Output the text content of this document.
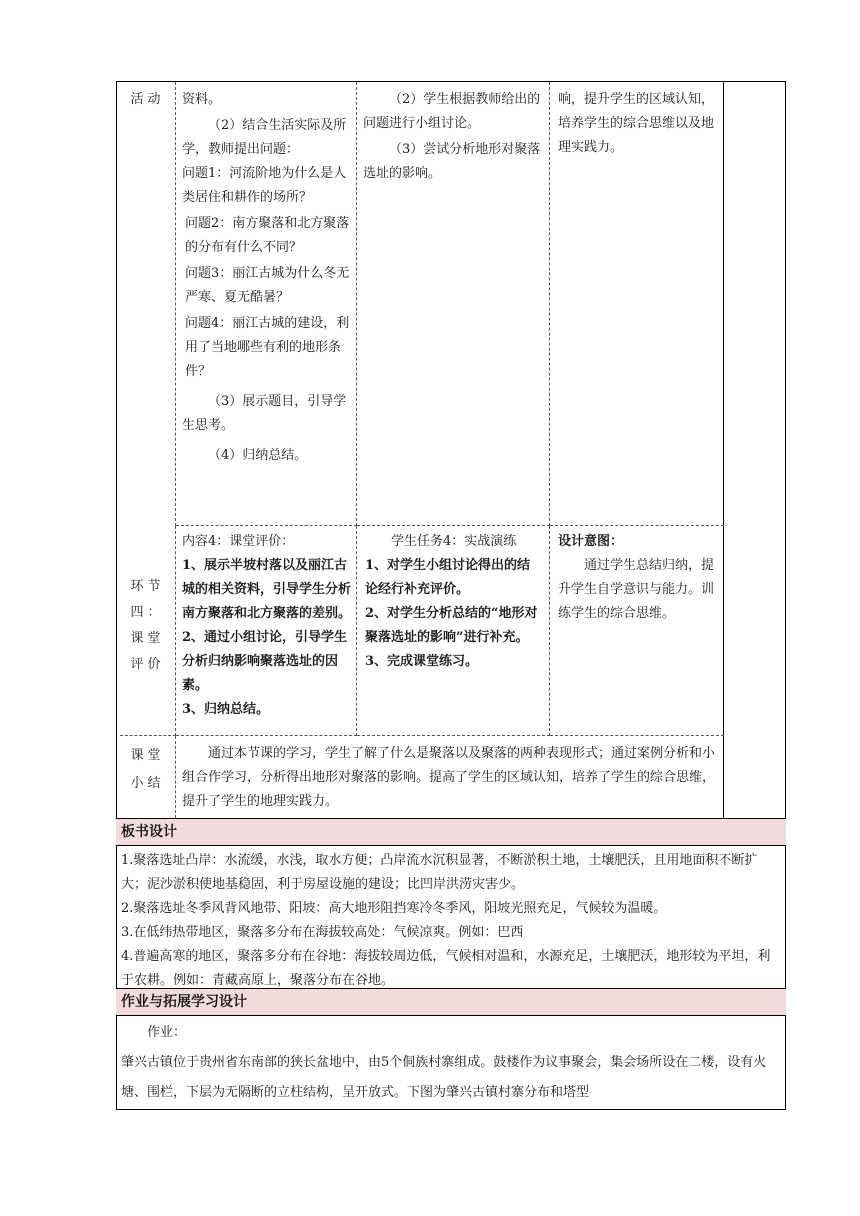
活动	资料。

（2）结合生活实际及所学，教师提出问题：

问题1：河流阶地为什么是人类居住和耕作的场所？

问题2：南方聚落和北方聚落的分布有什么不同？

问题3：丽江古城为什么冬无严寒、夏无酷暑？

问题4：丽江古城的建设，利用了当地哪些有利的地形条件？

（3）展示题目，引导学生思考。

（4）归纳总结。

（2）学生根据教师给出的问题进行小组讨论。

（3）尝试分析地形对聚落选址的影响。

响，提升学生的区域认知，培养学生的综合思维以及地理实践力。

环节四：课堂评价

内容4：课堂评价：

1、展示半坡村落以及丽江古城的相关资料，引导学生分析南方聚落和北方聚落的差别。

2、通过小组讨论，引导学生分析归纳影响聚落选址的因素。

3、归纳总结。

学生任务4：实战演练

1、对学生小组讨论得出的结论经行补充评价。

2、对学生分析总结的“地形对聚落选址的影响”进行补充。

3、完成课堂练习。

设计意图：

通过学生总结归纳，提升学生自学意识与能力。训练学生的综合思维。

课堂小结

通过本节课的学习，学生了解了什么是聚落以及聚落的两种表现形式；通过案例分析和小组合作学习，分析得出地形对聚落的影响。提高了学生的区域认知，培养了学生的综合思维，提升了学生的地理实践力。

板书设计

1.聚落选址凸岸：水流缓，水浅，取水方便；凸岸流水沉积显著，不断淤积土地，土壤肥沃，且用地面积不断扩大；泥沙淤积使地基稳固，利于房屋设施的建设；比凹岸洪涝灾害少。

2.聚落选址冬季风背风地带、阳坡：高大地形阻挡寒冷冬季风，阳坡光照充足，气候较为温暖。

3.在低纬热带地区，聚落多分布在海拔较高处：气候凉爽。例如：巴西

4.普遍高寒的地区，聚落多分布在谷地：海拔较周边低，气候相对温和，水源充足，土壤肥沃，地形较为平坦，利于农耕。例如：青藏高原上，聚落分布在谷地。

作业与拓展学习设计

作业：

肇兴古镇位于贵州省东南部的狭长盆地中，由5个侗族村寨组成。鼓楼作为议事聚会，集会场所设在二楼，设有火塘、围栏，下层为无隔断的立柱结构，呈开放式。下图为肇兴古镇村寨分布和塔型
